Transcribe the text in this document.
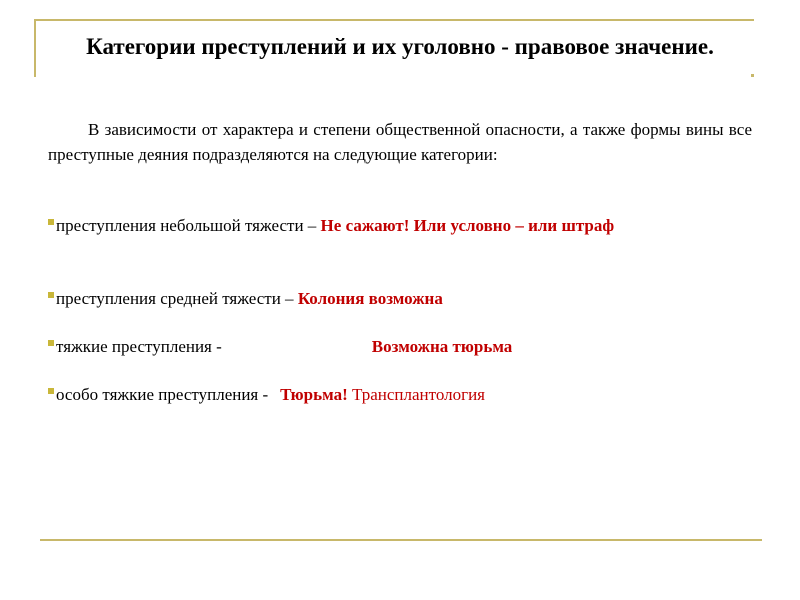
Категории преступлений и их уголовно - правовое значение.
В зависимости от характера и степени общественной опасности, а также формы вины все преступные деяния подразделяются на следующие категории:
преступления небольшой тяжести – Не сажают! Или условно – или штраф
преступления средней тяжести – Колония возможна
тяжкие преступления -	Возможна тюрьма
особо тяжкие преступления - Тюрьма! Трансплантология
